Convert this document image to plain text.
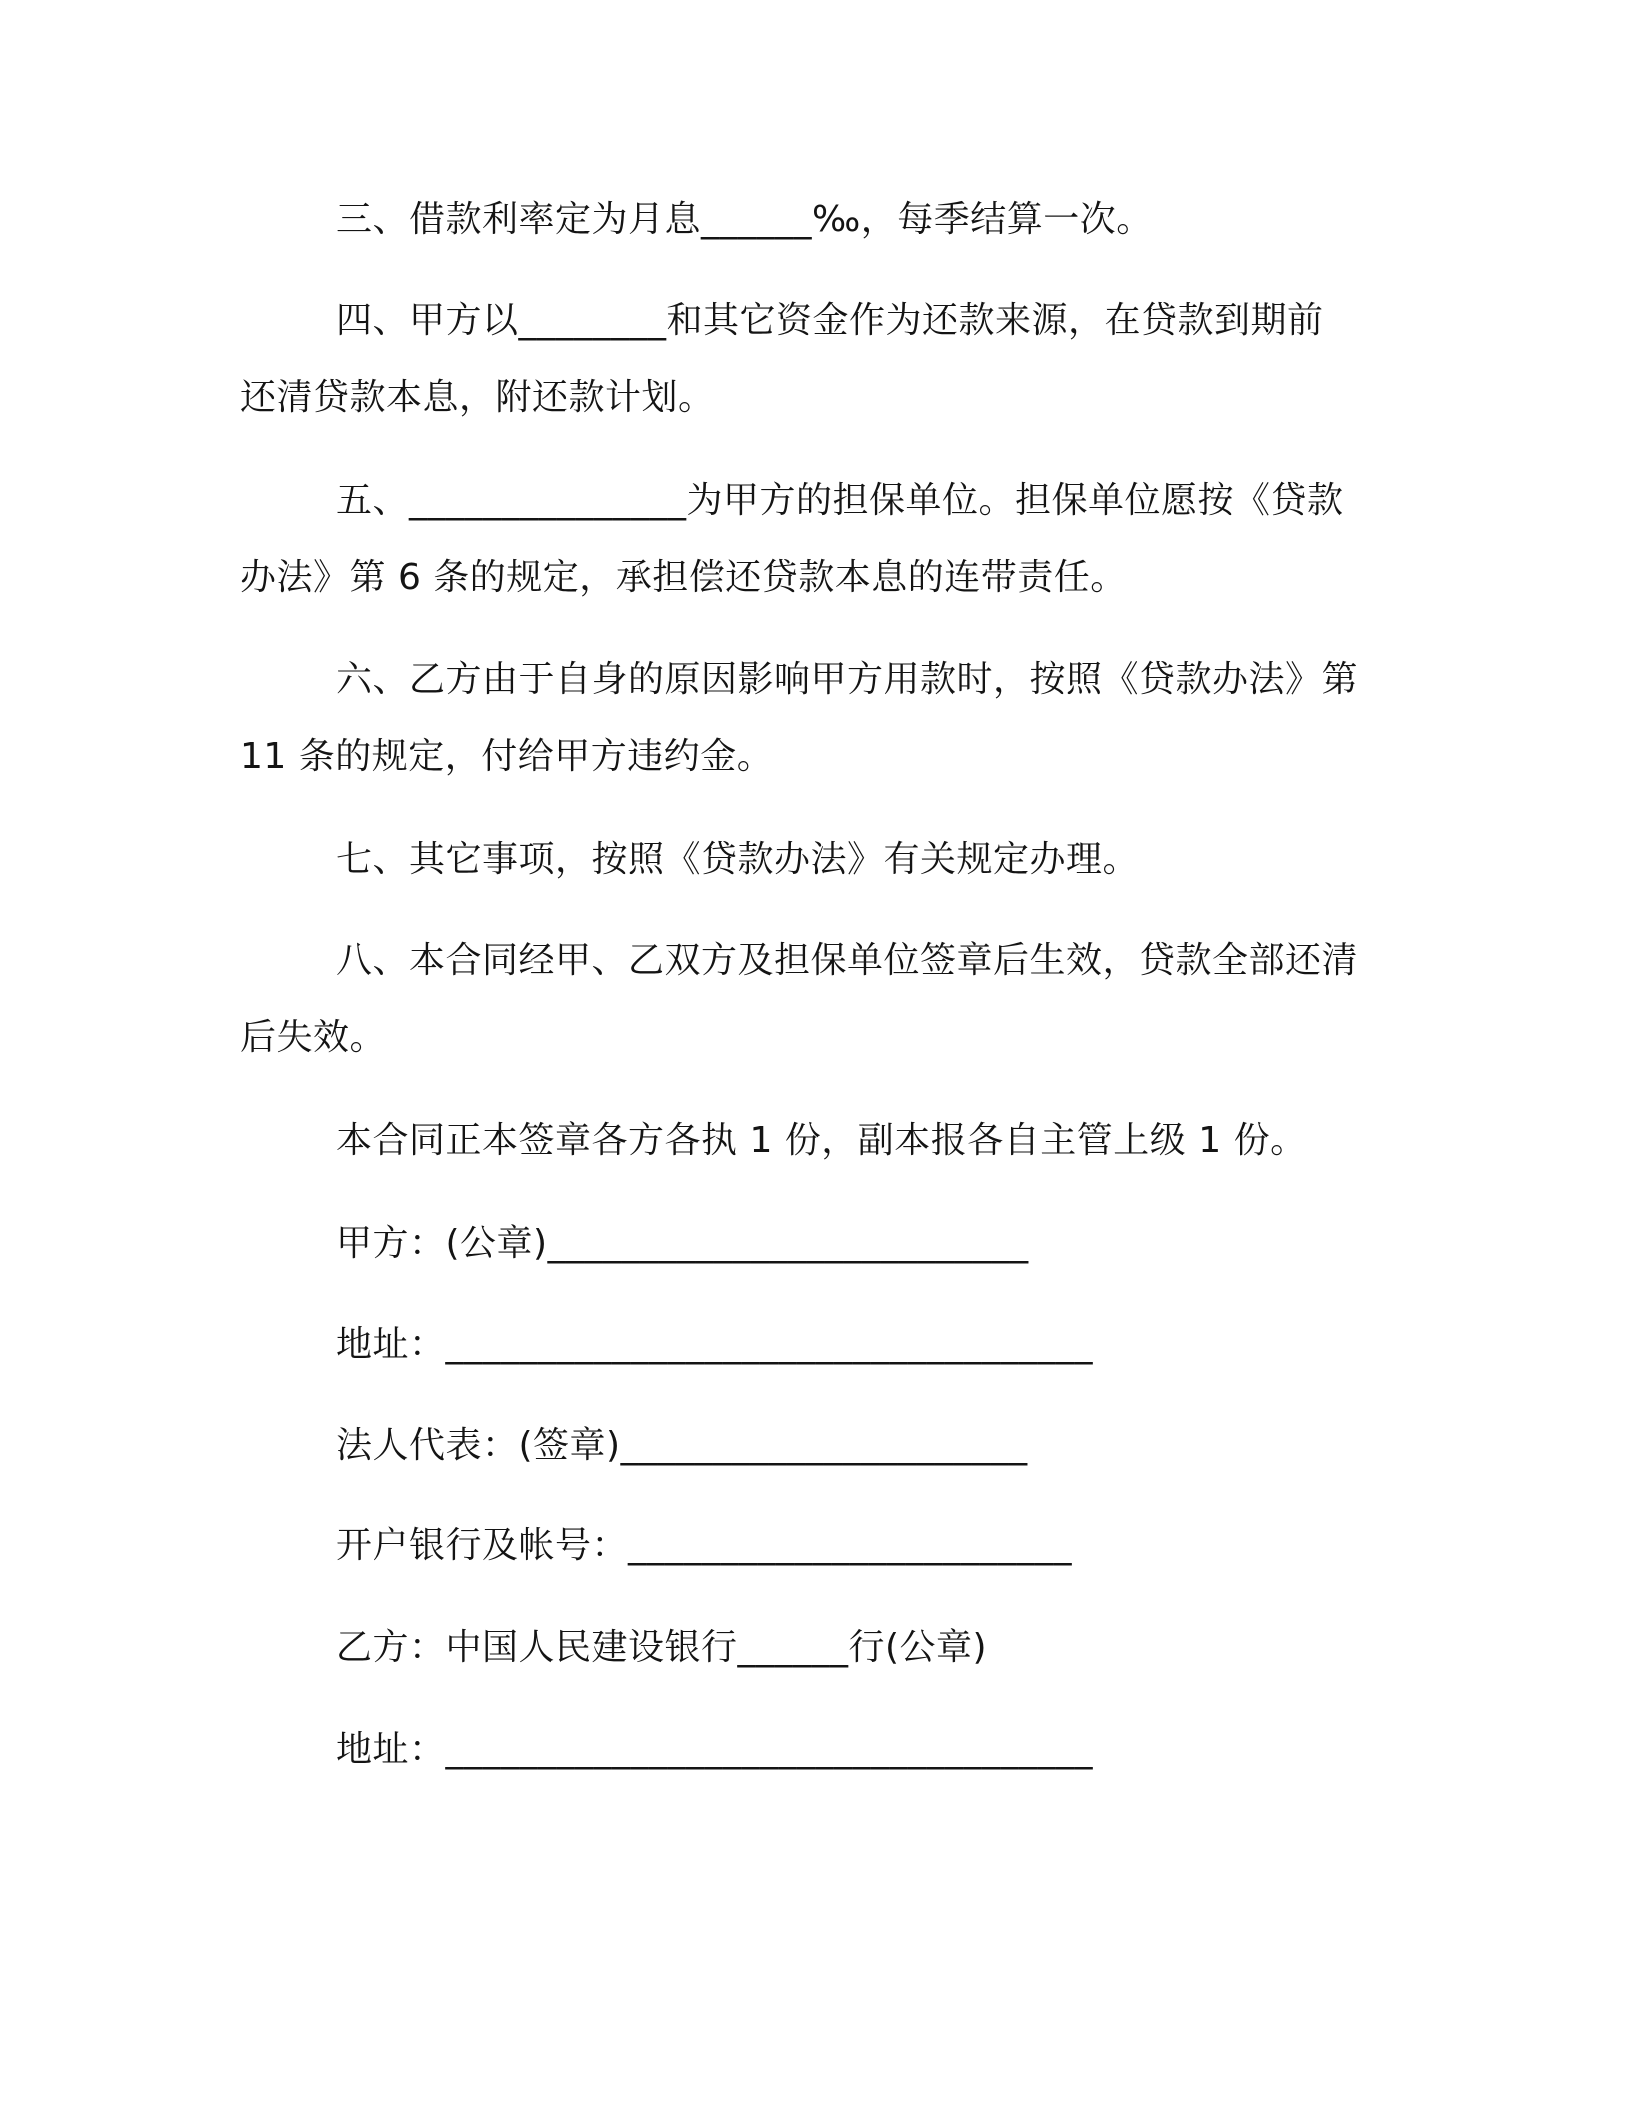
三、借款利率定为月息______‰，每季结算一次。
四、甲方以________和其它资金作为还款来源，在贷款到期前
还清贷款本息，附还款计划。
五、_______________为甲方的担保单位。担保单位愿按《贷款
办法》第 6 条的规定，承担偿还贷款本息的连带责任。
六、乙方由于自身的原因影响甲方用款时，按照《贷款办法》第
11 条的规定，付给甲方违约金。
七、其它事项，按照《贷款办法》有关规定办理。
八、本合同经甲、乙双方及担保单位签章后生效，贷款全部还清
后失效。
本合同正本签章各方各执 1 份，副本报各自主管上级 1 份。
甲方：(公章)__________________________
地址：___________________________________
法人代表：(签章)______________________
开户银行及帐号：________________________
乙方：中国人民建设银行______行(公章)
地址：___________________________________
